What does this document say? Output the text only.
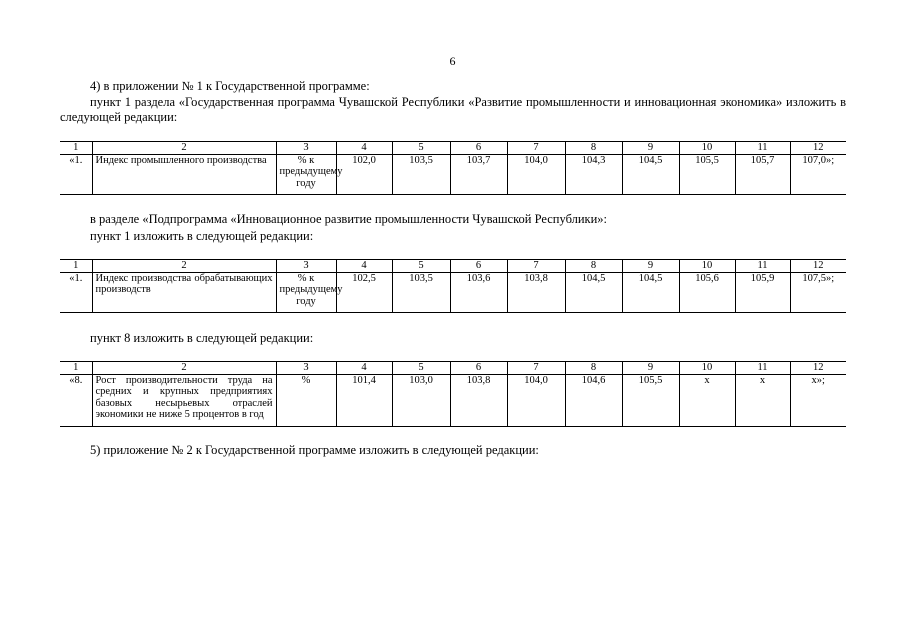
6
4) в приложении № 1 к Государственной программе:
пункт 1 раздела «Государственная программа Чувашской Республики «Развитие промышленности и инновационная экономика» изложить в следующей редакции:
1	2	3	4	5	6	7	8	9	10	11	12
«1.	Индекс промышленного производства	% к предыдущему году	102,0	103,5	103,7	104,0	104,3	104,5	105,5	105,7	107,0»;
в разделе «Подпрограмма «Инновационное развитие промышленности Чувашской Республики»:
пункт 1 изложить в следующей редакции:
1	2	3	4	5	6	7	8	9	10	11	12
«1.	Индекс производства обрабатывающих производств	% к предыдущему году	102,5	103,5	103,6	103,8	104,5	104,5	105,6	105,9	107,5»;
пункт 8 изложить в следующей редакции:
1	2	3	4	5	6	7	8	9	10	11	12
«8.	Рост производительности труда на средних и крупных предприятиях базовых несырьевых отраслей экономики не ниже 5 процентов в год	%	101,4	103,0	103,8	104,0	104,6	105,5	х	х	х»;
5) приложение № 2 к Государственной программе изложить в следующей редакции:
